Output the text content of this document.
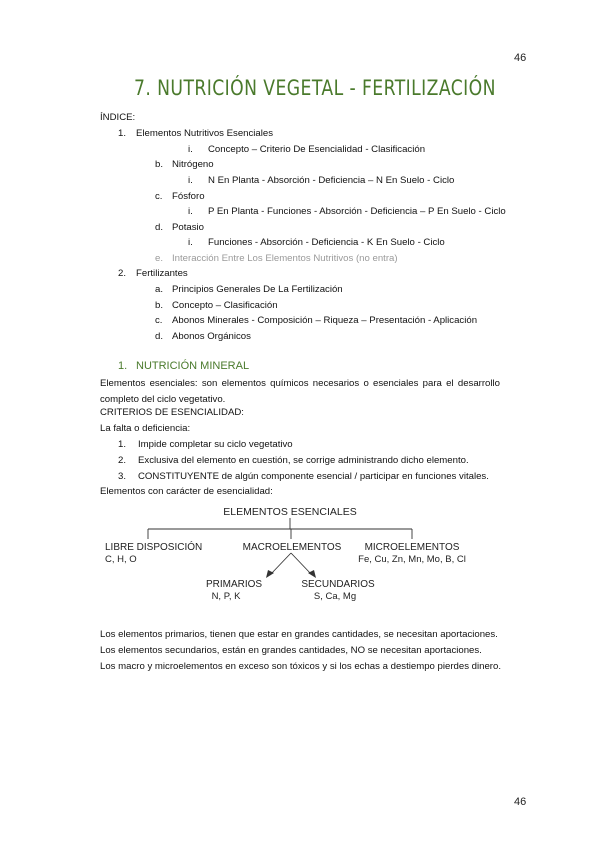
46
46
7. NUTRICIÓN VEGETAL - FERTILIZACIÓN
ÍNDICE:
1. Elementos Nutritivos Esenciales
i. Concepto – Criterio De Esencialidad - Clasificación
b. Nitrógeno
i. N En Planta - Absorción - Deficiencia – N En Suelo - Ciclo
c. Fósforo
i. P En Planta - Funciones - Absorción - Deficiencia – P En Suelo - Ciclo
d. Potasio
i. Funciones - Absorción - Deficiencia - K En Suelo - Ciclo
e. Interacción Entre Los Elementos Nutritivos (no entra)
2. Fertilizantes
a. Principios Generales De La Fertilización
b. Concepto – Clasificación
c. Abonos Minerales - Composición – Riqueza – Presentación - Aplicación
d. Abonos Orgánicos
1. NUTRICIÓN MINERAL
Elementos esenciales: son elementos químicos necesarios o esenciales para el desarrollo completo del ciclo vegetativo.
CRITERIOS DE ESENCIALIDAD:
La falta o deficiencia:
1. Impide completar su ciclo vegetativo
2. Exclusiva del elemento en cuestión, se corrige administrando dicho elemento.
3. CONSTITUYENTE de algún componente esencial / participar en funciones vitales.
Elementos con carácter de esencialidad:
ELEMENTOS ESENCIALES
LIBRE DISPOSICIÓN
C, H, O
MACROELEMENTOS MICROELEMENTOS
Fe, Cu, Zn, Mn, Mo, B, Cl
PRIMARIOS
N, P, K
SECUNDARIOS
S, Ca, Mg
Los elementos primarios, tienen que estar en grandes cantidades, se necesitan aportaciones.
Los elementos secundarios, están en grandes cantidades, NO se necesitan aportaciones.
Los macro y microelementos en exceso son tóxicos y si los echas a destiempo pierdes dinero.
